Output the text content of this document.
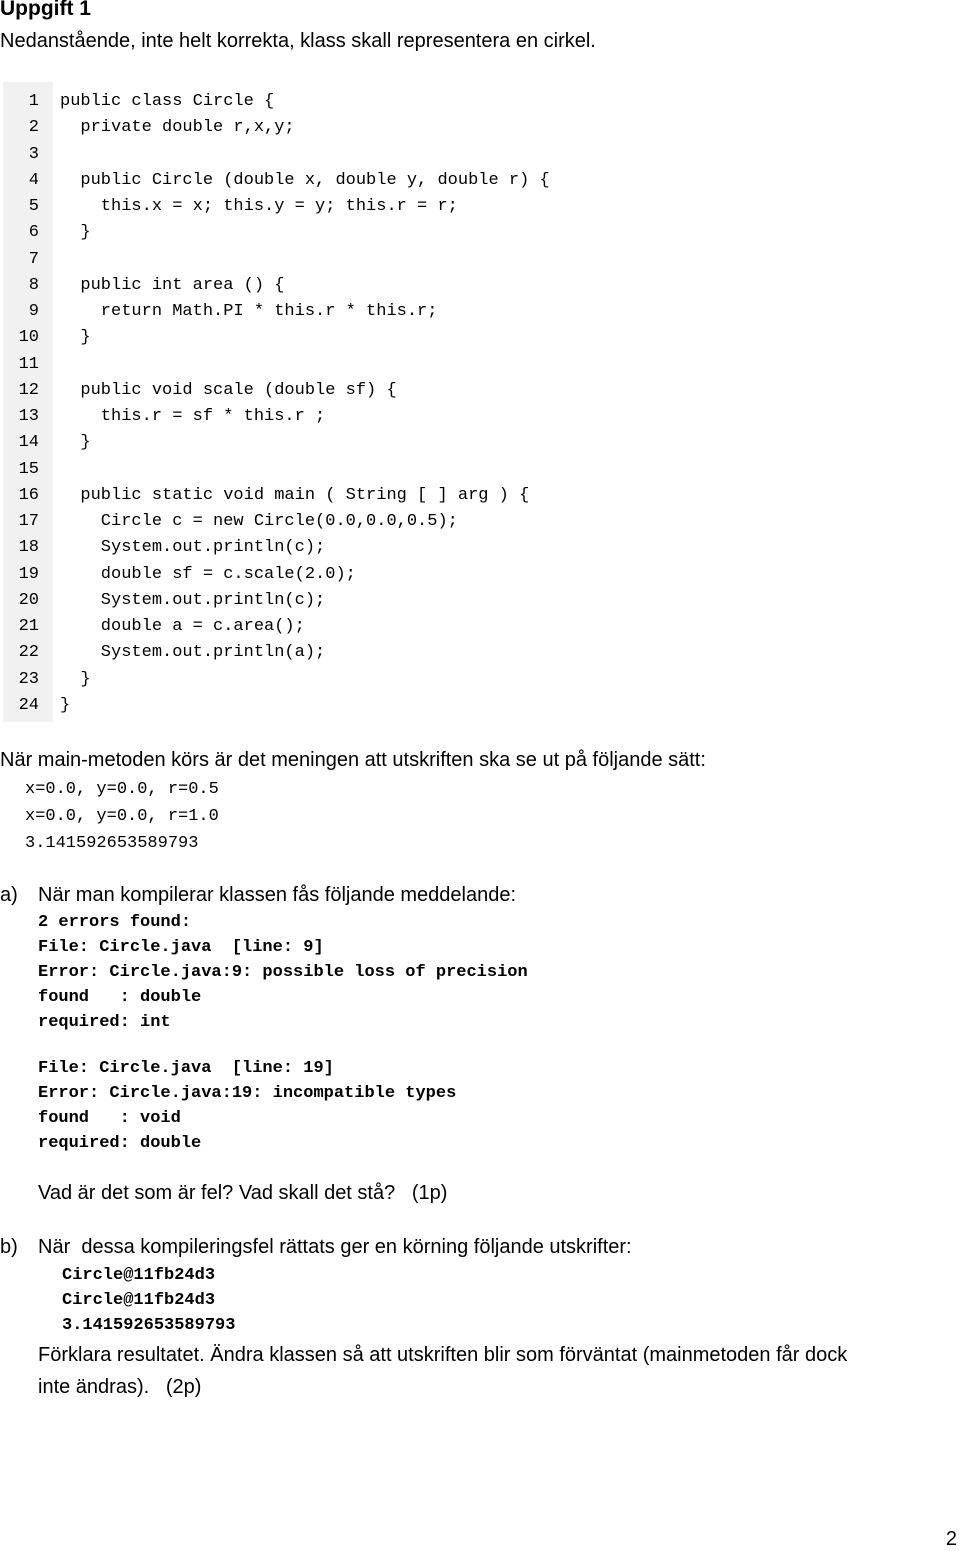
Uppgift 1
Nedanstående, inte helt korrekta, klass skall representera en cirkel.
1 public class Circle {
2 private double r,x,y;
3
4 public Circle (double x, double y, double r) {
5 this.x = x; this.y = y; this.r = r;
6 }
7
8 public int area () {
9 return Math.PI * this.r * this.r;
10 }
11
12 public void scale (double sf) {
13 this.r = sf * this.r ;
14 }
15
16 public static void main ( String [ ] arg ) {
17 Circle c = new Circle(0.0,0.0,0.5);
18 System.out.println(c);
19 double sf = c.scale(2.0);
20 System.out.println(c);
21 double a = c.area();
22 System.out.println(a);
23 }
24 }
När main-metoden körs är det meningen att utskriften ska se ut på följande sätt:
x=0.0, y=0.0, r=0.5
x=0.0, y=0.0, r=1.0
3.141592653589793
a) När man kompilerar klassen fås följande meddelande:
2 errors found:
File: Circle.java  [line: 9]
Error: Circle.java:9: possible loss of precision
found   : double
required: int
File: Circle.java  [line: 19]
Error: Circle.java:19: incompatible types
found   : void
required: double
Vad är det som är fel? Vad skall det stå?   (1p)
b) När  dessa kompileringsfel rättats ger en körning följande utskrifter:
Circle@11fb24d3
Circle@11fb24d3
3.141592653589793
Förklara resultatet. Ändra klassen så att utskriften blir som förväntat (mainmetoden får dock
inte ändras).   (2p)
2
